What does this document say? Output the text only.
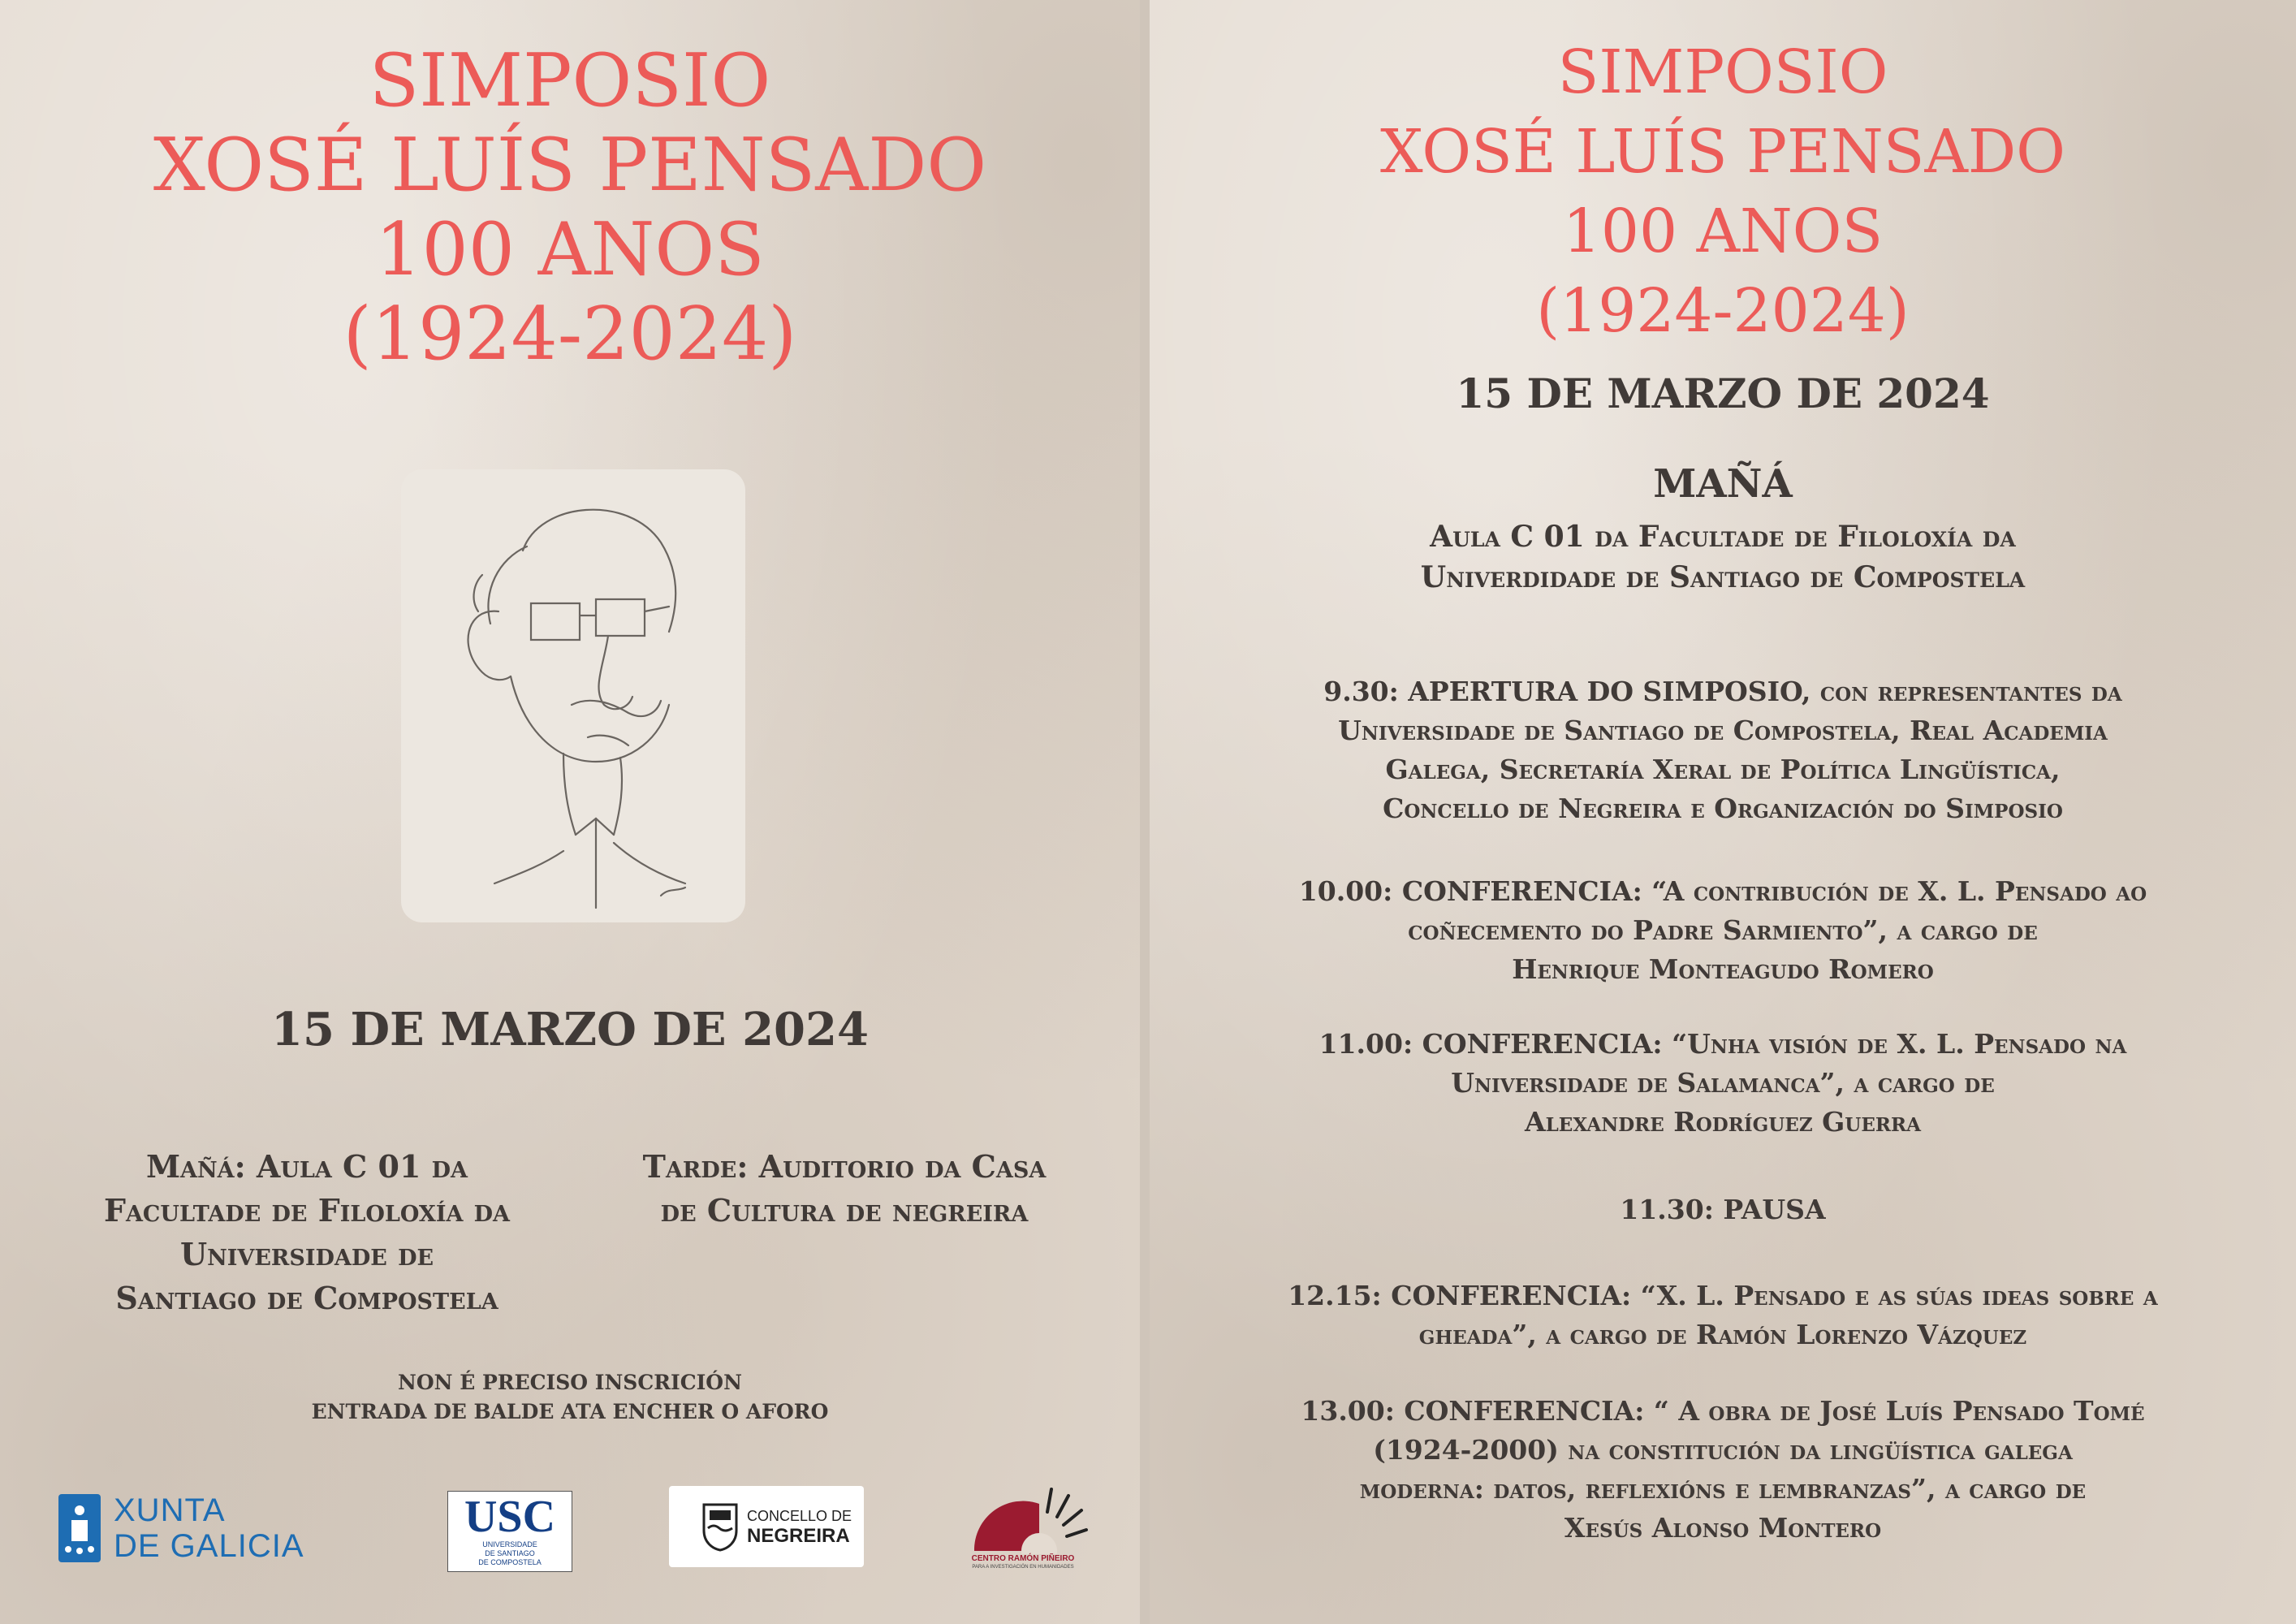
SIMPOSIO
XOSÉ LUÍS PENSADO
100 ANOS
(1924-2024)
15 DE MARZO DE 2024
Mañá: Aula C 01 da
Facultade de Filoloxía da
Universidade de
Santiago de Compostela
Tarde: Auditorio da Casa
de Cultura de negreira
NON É PRECISO INSCRICIÓN
ENTRADA DE BALDE ATA ENCHER O AFORO
XUNTA
DE GALICIA
USC
UNIVERSIDADE
DE SANTIAGO
DE COMPOSTELA
CONCELLO DE
NEGREIRA
CENTRO RAMÓN PIÑEIRO
PARA A INVESTIGACIÓN EN HUMANIDADES
SIMPOSIO
XOSÉ LUÍS PENSADO
100 ANOS
(1924-2024)
15 DE MARZO DE 2024
MAÑÁ
Aula C 01 da Facultade de Filoloxía da
Univerdidade de Santiago de Compostela
9.30: APERTURA DO SIMPOSIO, con representantes da
Universidade de Santiago de Compostela, Real Academia
Galega, Secretaría Xeral de Política Lingüística,
Concello de Negreira e Organización do Simposio
10.00: CONFERENCIA: “A contribución de X. L. Pensado ao
coñecemento do Padre Sarmiento”, a cargo de
Henrique Monteagudo Romero
11.00: CONFERENCIA: “Unha visión de X. L. Pensado na
Universidade de Salamanca”, a cargo de
Alexandre Rodríguez Guerra
11.30: PAUSA
12.15: CONFERENCIA: “X. L. Pensado e as súas ideas sobre a
gheada”, a cargo de Ramón Lorenzo Vázquez
13.00: CONFERENCIA: “ A obra de José Luís Pensado Tomé
(1924-2000) na constitución da lingüística galega
moderna: datos, reflexións e lembranzas”, a cargo de
Xesús Alonso Montero
